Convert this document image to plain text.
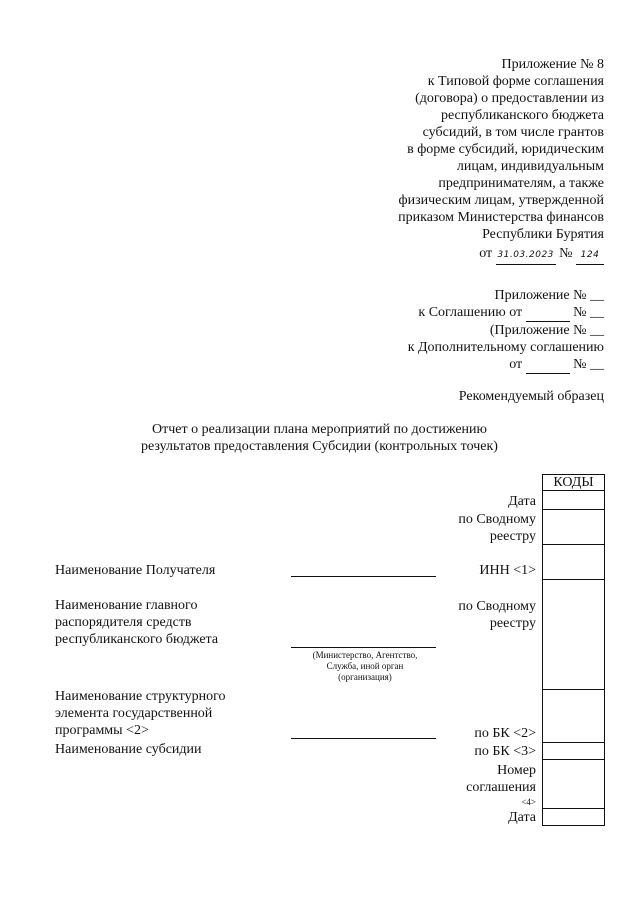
Приложение № 8
к Типовой форме соглашения
(договора) о предоставлении из
республиканского бюджета
субсидий, в том числе грантов
в форме субсидий, юридическим
лицам, индивидуальным
предпринимателям, а также
физическим лицам, утвержденной
приказом Министерства финансов
Республики Бурятия
от 31.03.2023 № 124
Приложение № __
к Соглашению от	№ __
(Приложение № __
к Дополнительному соглашению
от	№ __
Рекомендуемый образец
Отчет о реализации плана мероприятий по достижению
результатов предоставления Субсидии (контрольных точек)
КОДЫ
Дата
по Сводному
реестру
ИНН <1>
по Сводному
реестру
по БК <2>
по БК <3>
Номер
соглашения
<4>
Дата
Наименование Получателя
Наименование главного
распорядителя средств
республиканского бюджета
(Министерство, Агентство,
Служба, иной орган
(организация)
Наименование структурного
элемента государственной
программы <2>
Наименование субсидии
